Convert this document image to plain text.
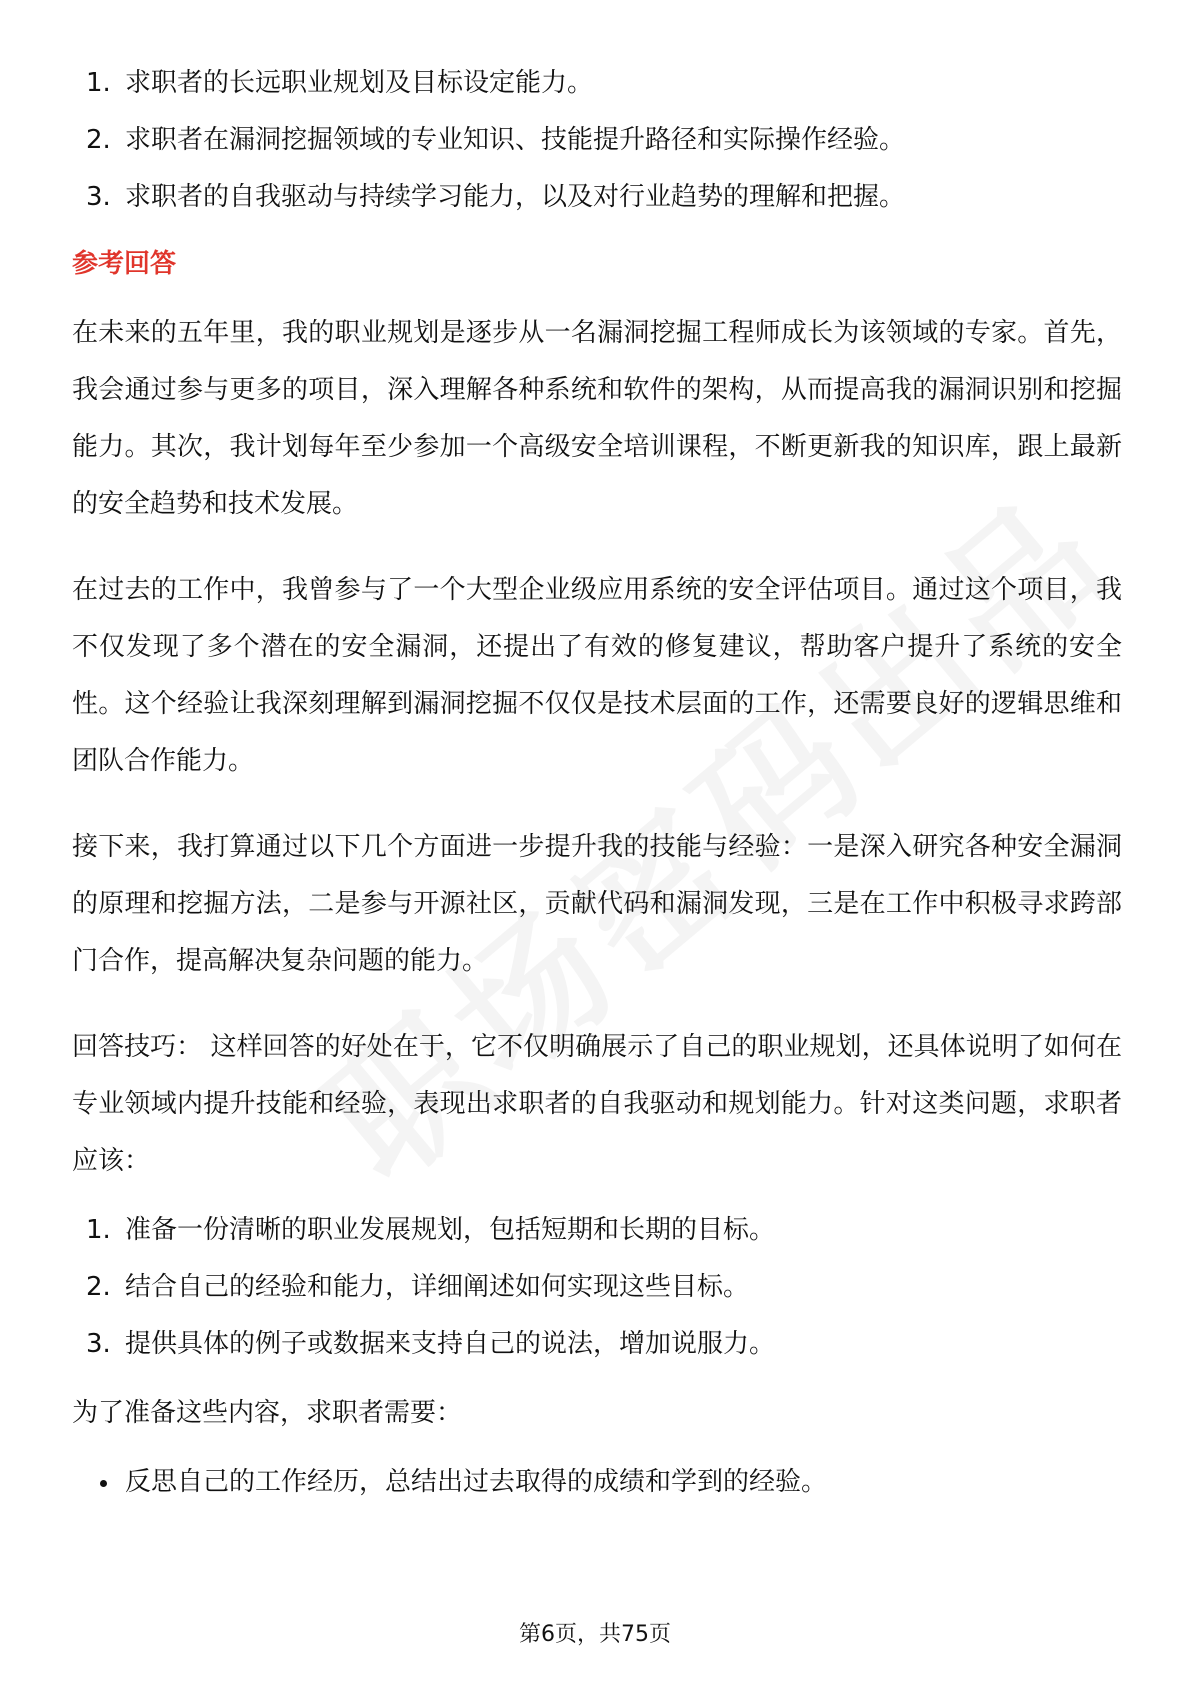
1. 求职者的长远职业规划及目标设定能力。
2. 求职者在漏洞挖掘领域的专业知识、技能提升路径和实际操作经验。
3. 求职者的自我驱动与持续学习能力，以及对行业趋势的理解和把握。
参考回答

在未来的五年里，我的职业规划是逐步从一名漏洞挖掘工程师成长为该领域的专家。首先，我会通过参与更多的项目，深入理解各种系统和软件的架构，从而提高我的漏洞识别和挖掘能力。其次，我计划每年至少参加一个高级安全培训课程，不断更新我的知识库，跟上最新的安全趋势和技术发展。

在过去的工作中，我曾参与了一个大型企业级应用系统的安全评估项目。通过这个项目，我不仅发现了多个潜在的安全漏洞，还提出了有效的修复建议，帮助客户提升了系统的安全性。这个经验让我深刻理解到漏洞挖掘不仅仅是技术层面的工作，还需要良好的逻辑思维和团队合作能力。

接下来，我打算通过以下几个方面进一步提升我的技能与经验：一是深入研究各种安全漏洞的原理和挖掘方法，二是参与开源社区，贡献代码和漏洞发现，三是在工作中积极寻求跨部门合作，提高解决复杂问题的能力。

回答技巧： 这样回答的好处在于，它不仅明确展示了自己的职业规划，还具体说明了如何在专业领域内提升技能和经验，表现出求职者的自我驱动和规划能力。针对这类问题，求职者应该：

1. 准备一份清晰的职业发展规划，包括短期和长期的目标。
2. 结合自己的经验和能力，详细阐述如何实现这些目标。
3. 提供具体的例子或数据来支持自己的说法，增加说服力。

为了准备这些内容，求职者需要：

反思自己的工作经历，总结出过去取得的成绩和学到的经验。
第6页，共75页
